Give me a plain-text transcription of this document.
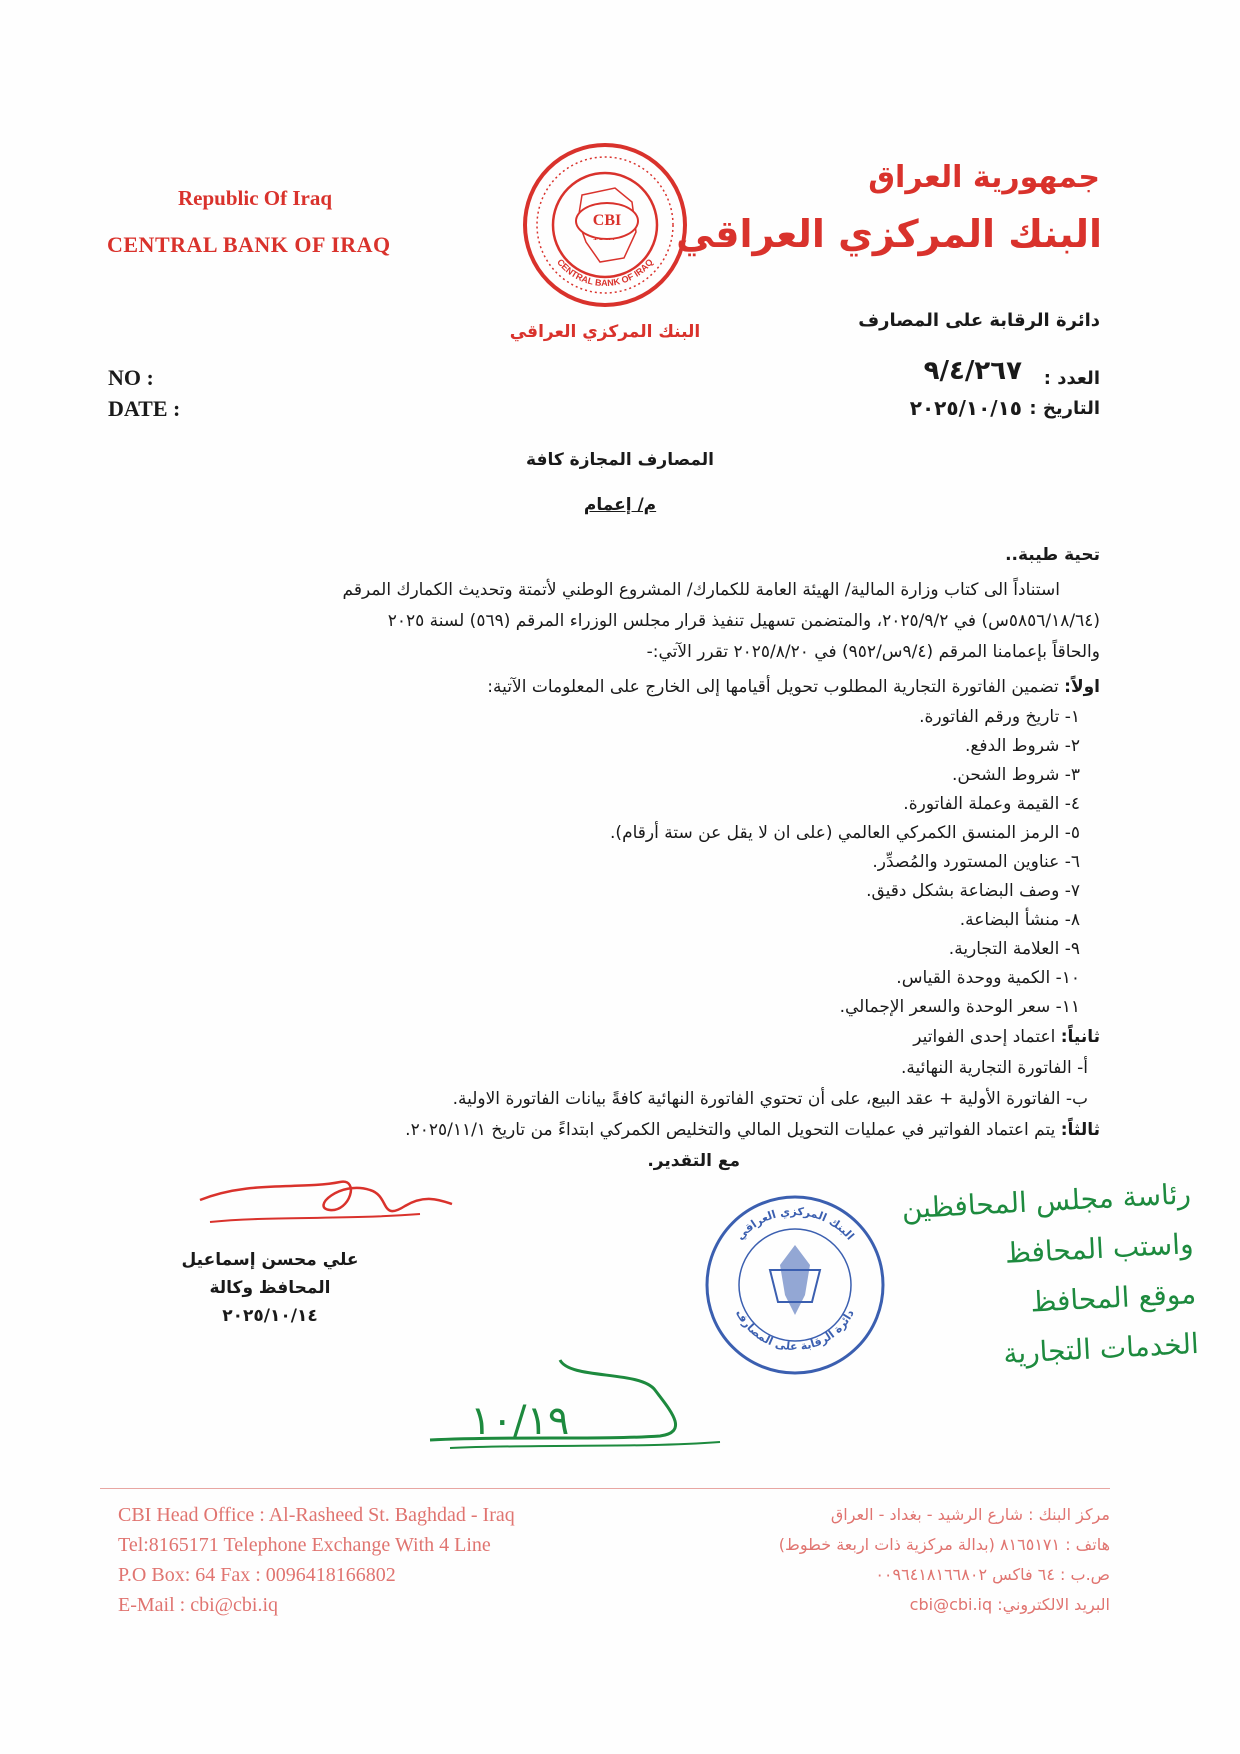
Republic Of Iraq
CENTRAL BANK OF IRAQ
جمهورية العراق
البنك المركزي العراقي
دائرة الرقابة على المصارف
CENTRAL BANK OF IRAQ
CBI
البنك المركزي العراقي
NO :
DATE :
العدد :
٩/٤/٢٦٧
التاريخ :
٢٠٢٥/١٠/١٥
المصارف المجازة كافة
م/ إعمام
تحية طيبة..
استناداً الى كتاب وزارة المالية/ الهيئة العامة للكمارك/ المشروع الوطني لأتمتة وتحديث الكمارك المرقم
(٥٨٥٦/١٨/٦٤س) في ٢٠٢٥/٩/٢، والمتضمن تسهيل تنفيذ قرار مجلس الوزراء المرقم (٥٦٩) لسنة ٢٠٢٥
والحاقاً بإعمامنا المرقم (٩/٤س/٩٥٢) في ٢٠٢٥/٨/٢٠ تقرر الآتي:-
اولاً: تضمين الفاتورة التجارية المطلوب تحويل أقيامها إلى الخارج على المعلومات الآتية:
١- تاريخ ورقم الفاتورة.
٢- شروط الدفع.
٣- شروط الشحن.
٤- القيمة وعملة الفاتورة.
٥- الرمز المنسق الكمركي العالمي (على ان لا يقل عن ستة أرقام).
٦- عناوين المستورد والمُصدِّر.
٧- وصف البضاعة بشكل دقيق.
٨- منشأ البضاعة.
٩- العلامة التجارية.
١٠- الكمية ووحدة القياس.
١١- سعر الوحدة والسعر الإجمالي.
ثانياً: اعتماد إحدى الفواتير
أ- الفاتورة التجارية النهائية.
ب- الفاتورة الأولية + عقد البيع، على أن تحتوي الفاتورة النهائية كافةً بيانات الفاتورة الاولية.
ثالثاً: يتم اعتماد الفواتير في عمليات التحويل المالي والتخليص الكمركي ابتداءً من تاريخ ٢٠٢٥/١١/١.
مع التقدير.
علي محسن إسماعيل
المحافظ وكالة
٢٠٢٥/١٠/١٤
البنك المركزي العراقي
دائرة الرقابة على المصارف
رئاسة مجلس المحافظين
واستب المحافظ
موقع المحافظ
الخدمات التجارية
١٠/١٩
CBI Head Office : Al-Rasheed St. Baghdad - Iraq
Tel:8165171 Telephone Exchange With 4 Line
P.O Box: 64 Fax : 0096418166802
E-Mail : cbi@cbi.iq
مركز البنك : شارع الرشيد - بغداد - العراق
هاتف : ٨١٦٥١٧١ (بدالة مركزية ذات اربعة خطوط)
ص.ب : ٦٤ فاكس ٠٠٩٦٤١٨١٦٦٨٠٢
البريد الالكتروني: cbi@cbi.iq
